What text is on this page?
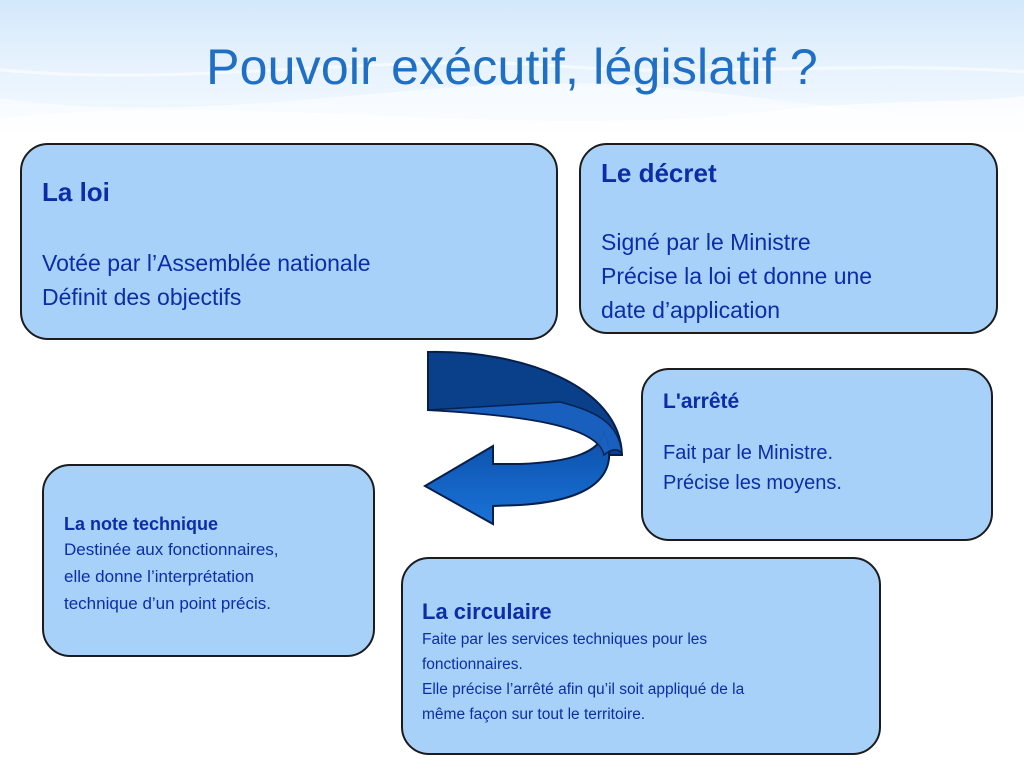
Pouvoir exécutif, législatif ?
La loi
Votée par l’Assemblée nationale
Définit des objectifs
Le décret
Signé par le Ministre
Précise la loi et donne une
date d’application
L'arrêté
Fait par le Ministre.
Précise les moyens.
La note technique
Destinée aux fonctionnaires,
elle donne l’interprétation
technique d’un point précis.	La circulaire
Faite par les services techniques pour les
fonctionnaires.
Elle précise l’arrêté afin qu’il soit appliqué de la
même façon sur tout le territoire.
